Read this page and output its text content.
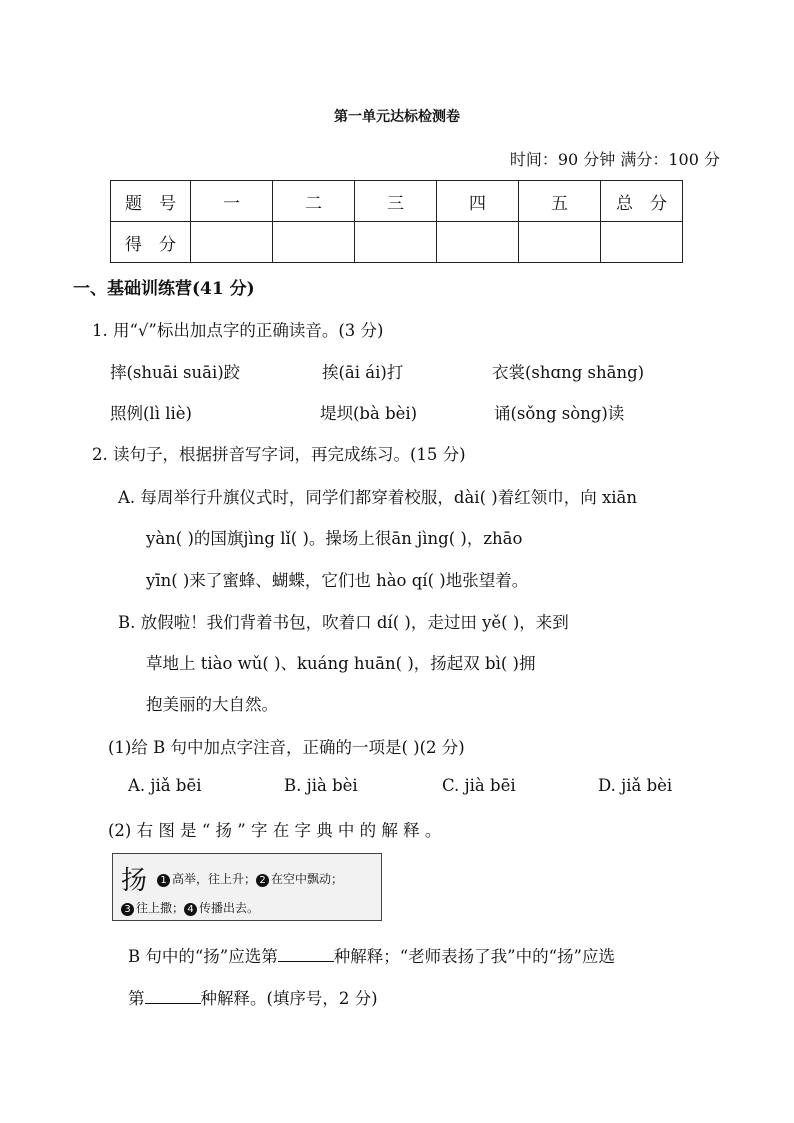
第一单元达标检测卷
时间：90 分钟 满分：100 分
题　号	一	二	三	四	五	总　分
得　分						
一、基础训练营(41 分)
1. 用“√”标出加点字的正确读音。(3 分)
摔(shuāi suāi)跤	挨(āi ái)打	衣裳(shɑng shāng)
照例(lì liè)	堤坝(bà bèi)	诵(sǒng sòng)读
2. 读句子，根据拼音写字词，再完成练习。(15 分)
A. 每周举行升旗仪式时，同学们都穿着校服，dài( )着红领巾，向 xiān
yàn( )的国旗jìng lǐ( )。操场上很ān jìng( )，zhāo
yīn( )来了蜜蜂、蝴蝶，它们也 hào qí( )地张望着。
B. 放假啦！我们背着书包，吹着口 dí( )，走过田 yě( )，来到
草地上 tiào wǔ( )、kuáng huān( )，扬起双 bì( )拥
抱美丽的大自然。
(1)给 B 句中加点字注音，正确的一项是( )(2 分)
A. jiǎ bēi	B. jià bèi	C. jià bēi	D. jiǎ bèi
(2) 右 图 是 “ 扬 ” 字 在 字 典 中 的 解 释 。
扬	1 高举，往上升； 2 在空中飘动；
3 往上撒； 4 传播出去。
B 句中的“扬”应选第	种解释；“老师表扬了我”中的“扬”应选
第	种解释。(填序号，2 分)
